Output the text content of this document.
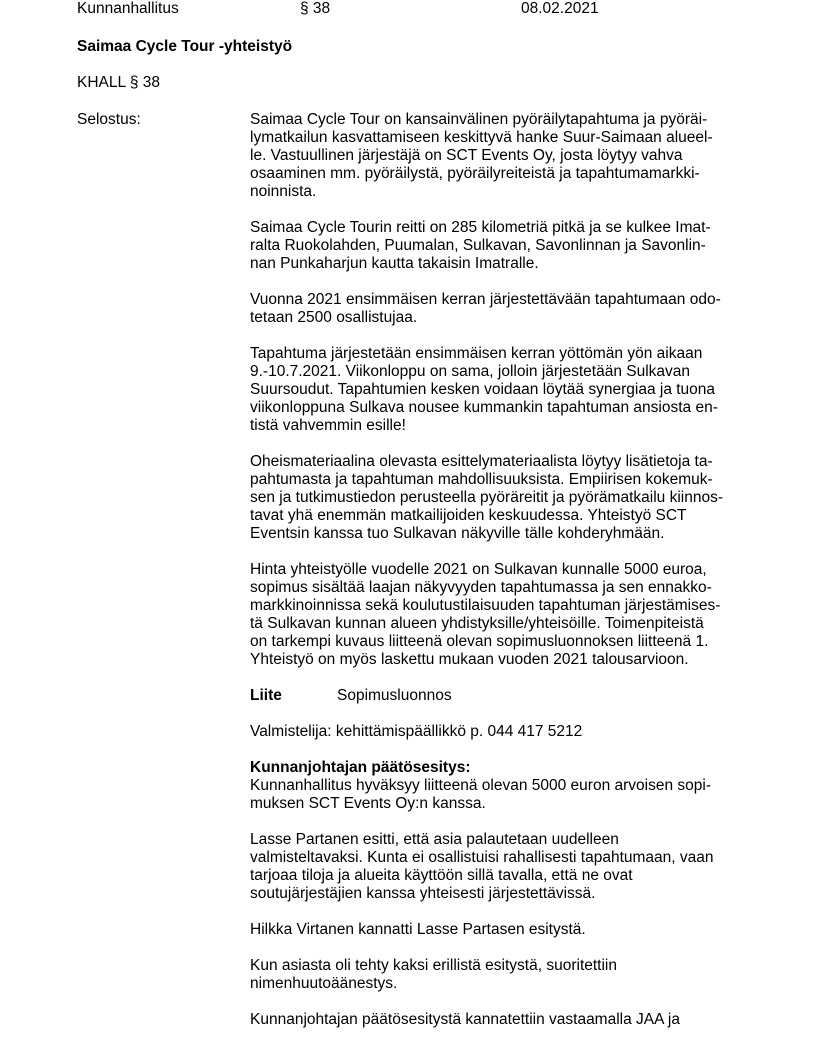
Kunnanhallitus	§ 38	08.02.2021
Saimaa Cycle Tour -yhteistyö
KHALL § 38
Selostus:	Saimaa Cycle Tour on kansainvälinen pyöräilytapahtuma ja pyöräi-
lymatkailun kasvattamiseen keskittyvä hanke Suur-Saimaan alueel-
le. Vastuullinen järjestäjä on SCT Events Oy, josta löytyy vahva
osaaminen mm. pyöräilystä, pyöräilyreiteistä ja tapahtumamarkki-
noinnista.

Saimaa Cycle Tourin reitti on 285 kilometriä pitkä ja se kulkee Imat-
ralta Ruokolahden, Puumalan, Sulkavan, Savonlinnan ja Savonlin-
nan Punkaharjun kautta takaisin Imatralle.

Vuonna 2021 ensimmäisen kerran järjestettävään tapahtumaan odo-
tetaan 2500 osallistujaa.

Tapahtuma järjestetään ensimmäisen kerran yöttömän yön aikaan
9.-10.7.2021. Viikonloppu on sama, jolloin järjestetään Sulkavan
Suursoudut. Tapahtumien kesken voidaan löytää synergiaa ja tuona
viikonloppuna Sulkava nousee kummankin tapahtuman ansiosta en-
tistä vahvemmin esille!

Oheismateriaalina olevasta esittelymateriaalista löytyy lisätietoja ta-
pahtumasta ja tapahtuman mahdollisuuksista. Empiirisen kokemuk-
sen ja tutkimustiedon perusteella pyöräreitit ja pyörämatkailu kiinnos-
tavat yhä enemmän matkailijoiden keskuudessa. Yhteistyö SCT
Eventsin kanssa tuo Sulkavan näkyville tälle kohderyhmään.

Hinta yhteistyölle vuodelle 2021 on Sulkavan kunnalle 5000 euroa,
sopimus sisältää laajan näkyvyyden tapahtumassa ja sen ennakko-
markkinoinnissa sekä koulutustilaisuuden tapahtuman järjestämises-
tä Sulkavan kunnan alueen yhdistyksille/yhteisöille. Toimenpiteistä
on tarkempi kuvaus liitteenä olevan sopimusluonnoksen liitteenä 1.
Yhteistyö on myös laskettu mukaan vuoden 2021 talousarvioon.

Liite	Sopimusluonnos

Valmistelija: kehittämispäällikkö p. 044 417 5212

Kunnanjohtajan päätösesitys:

Kunnanhallitus hyväksyy liitteenä olevan 5000 euron arvoisen sopi-
muksen SCT Events Oy:n kanssa.

Lasse Partanen esitti, että asia palautetaan uudelleen
valmisteltavaksi. Kunta ei osallistuisi rahallisesti tapahtumaan, vaan
tarjoaa tiloja ja alueita käyttöön sillä tavalla, että ne ovat
soutujärjestäjien kanssa yhteisesti järjestettävissä.

Hilkka Virtanen kannatti Lasse Partasen esitystä.

Kun asiasta oli tehty kaksi erillistä esitystä, suoritettiin
nimenhuutoäänestys.

Kunnanjohtajan päätösesitystä kannatettiin vastaamalla JAA ja
